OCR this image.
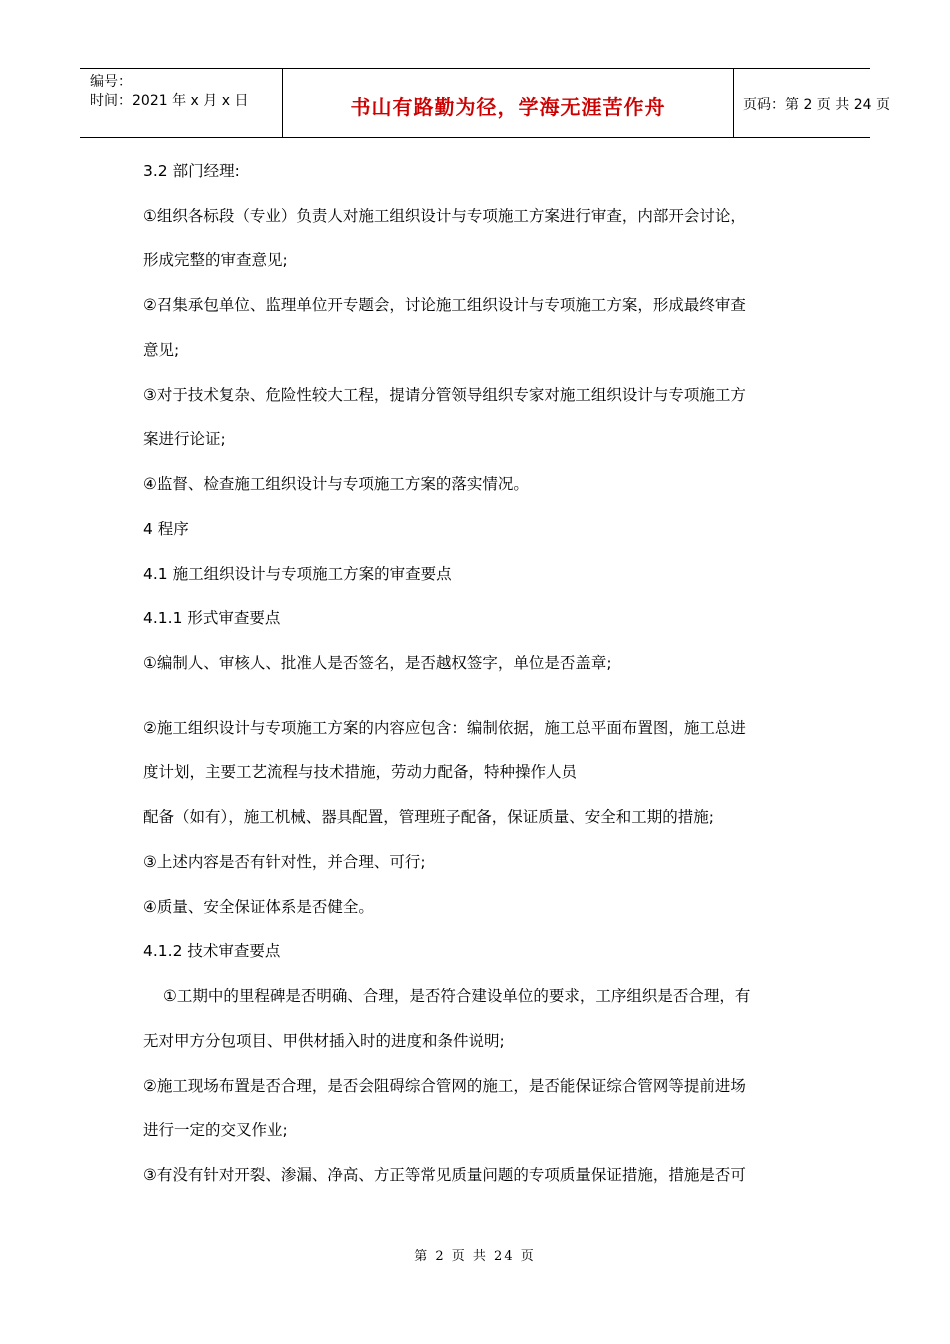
编号：
时间：2021 年 x 月 x 日	书山有路勤为径，学海无涯苦作舟	页码：第 2 页 共 24 页
3.2 部门经理:
①组织各标段（专业）负责人对施工组织设计与专项施工方案进行审查，内部开会讨论，
形成完整的审查意见;
②召集承包单位、监理单位开专题会，讨论施工组织设计与专项施工方案，形成最终审查
意见;
③对于技术复杂、危险性较大工程，提请分管领导组织专家对施工组织设计与专项施工方
案进行论证;
④监督、检查施工组织设计与专项施工方案的落实情况。
4 程序
4.1 施工组织设计与专项施工方案的审查要点
4.1.1 形式审查要点
①编制人、审核人、批准人是否签名，是否越权签字，单位是否盖章;
②施工组织设计与专项施工方案的内容应包含：编制依据，施工总平面布置图，施工总进
度计划，主要工艺流程与技术措施，劳动力配备，特种操作人员
配备（如有），施工机械、器具配置，管理班子配备，保证质量、安全和工期的措施;
③上述内容是否有针对性，并合理、可行;
④质量、安全保证体系是否健全。
4.1.2 技术审查要点
①工期中的里程碑是否明确、合理，是否符合建设单位的要求，工序组织是否合理，有
无对甲方分包项目、甲供材插入时的进度和条件说明;
②施工现场布置是否合理，是否会阻碍综合管网的施工，是否能保证综合管网等提前进场
进行一定的交叉作业;
③有没有针对开裂、渗漏、净高、方正等常见质量问题的专项质量保证措施，措施是否可
第 2 页 共 24 页
